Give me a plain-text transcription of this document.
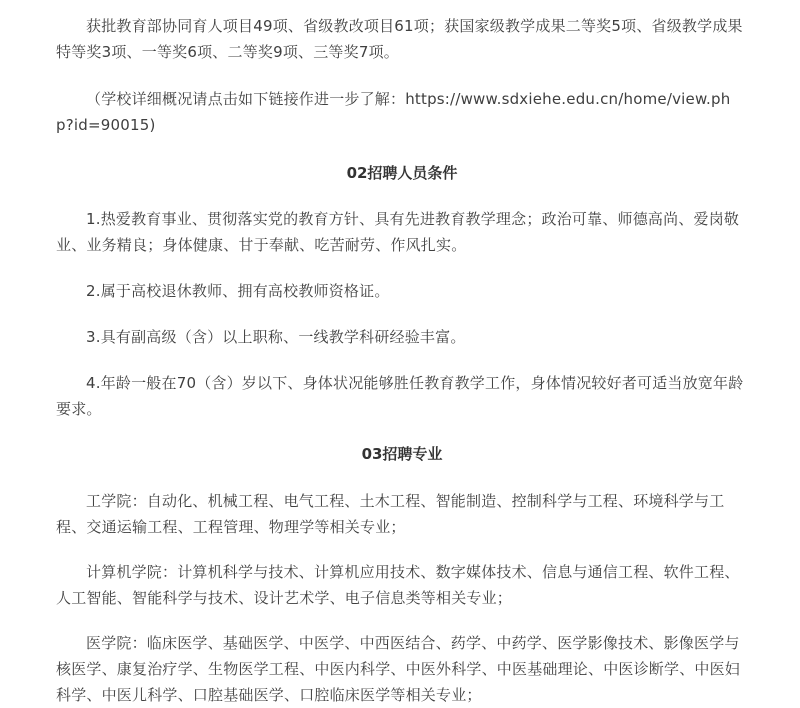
获批教育部协同育人项目49项、省级教改项目61项；获国家级教学成果二等奖5项、省级教学成果特等奖3项、一等奖6项、二等奖9项、三等奖7项。

（学校详细概况请点击如下链接作进一步了解：https://www.sdxiehe.edu.cn/home/view.php?id=90015)

02招聘人员条件

1.热爱教育事业、贯彻落实党的教育方针、具有先进教育教学理念；政治可靠、师德高尚、爱岗敬业、业务精良；身体健康、甘于奉献、吃苦耐劳、作风扎实。

2.属于高校退休教师、拥有高校教师资格证。

3.具有副高级（含）以上职称、一线教学科研经验丰富。

4.年龄一般在70（含）岁以下、身体状况能够胜任教育教学工作，身体情况较好者可适当放宽年龄要求。

03招聘专业

工学院：自动化、机械工程、电气工程、土木工程、智能制造、控制科学与工程、环境科学与工程、交通运输工程、工程管理、物理学等相关专业；

计算机学院：计算机科学与技术、计算机应用技术、数字媒体技术、信息与通信工程、软件工程、人工智能、智能科学与技术、设计艺术学、电子信息类等相关专业；

医学院：临床医学、基础医学、中医学、中西医结合、药学、中药学、医学影像技术、影像医学与核医学、康复治疗学、生物医学工程、中医内科学、中医外科学、中医基础理论、中医诊断学、中医妇科学、中医儿科学、口腔基础医学、口腔临床医学等相关专业；
